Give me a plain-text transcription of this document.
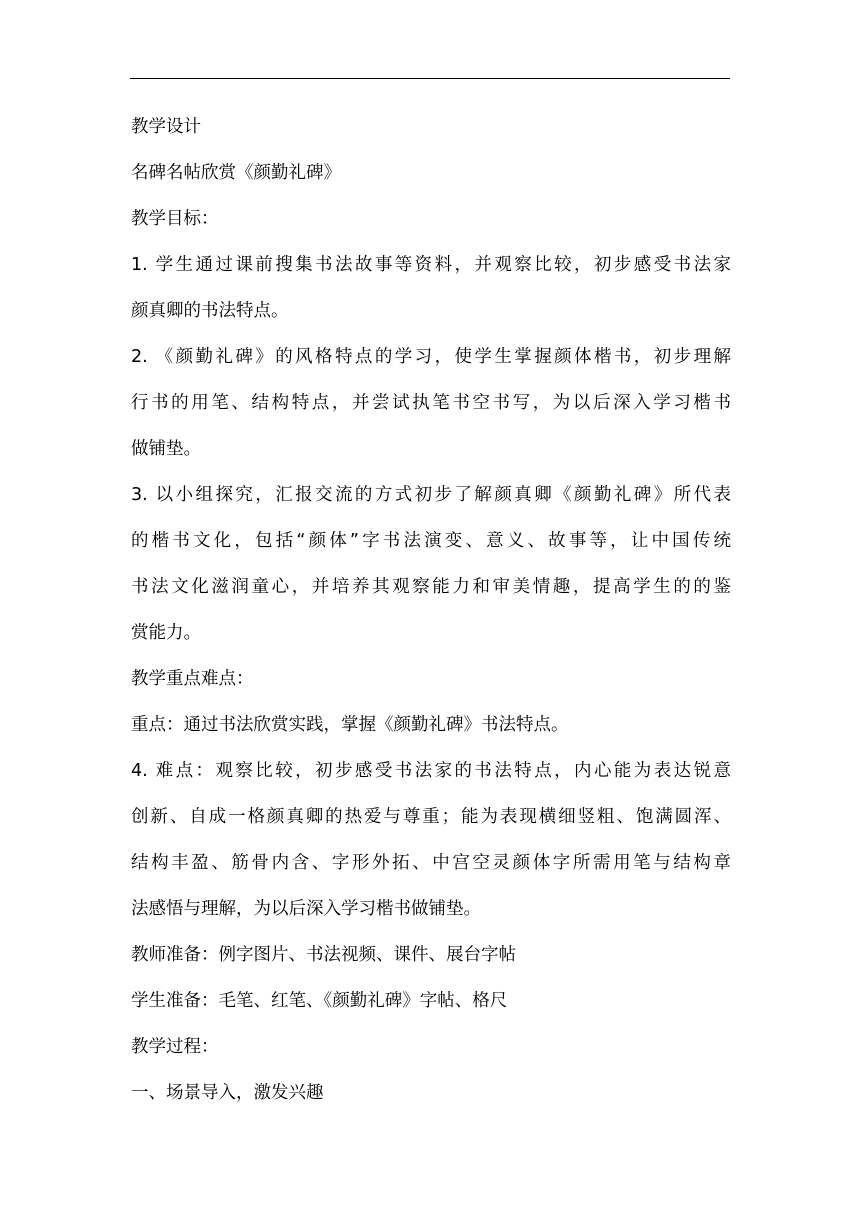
教学设计
名碑名帖欣赏《颜勤礼碑》
教学目标：
1. 学生通过课前搜集书法故事等资料，并观察比较，初步感受书法家
颜真卿的书法特点。
2. 《颜勤礼碑》的风格特点的学习，使学生掌握颜体楷书，初步理解
行书的用笔、结构特点，并尝试执笔书空书写，为以后深入学习楷书
做铺垫。
3. 以小组探究，汇报交流的方式初步了解颜真卿《颜勤礼碑》所代表
的楷书文化，包括“颜体”字书法演变、意义、故事等，让中国传统
书法文化滋润童心，并培养其观察能力和审美情趣，提高学生的的鉴
赏能力。
教学重点难点：
重点：通过书法欣赏实践，掌握《颜勤礼碑》书法特点。
4. 难点：观察比较，初步感受书法家的书法特点，内心能为表达锐意
创新、自成一格颜真卿的热爱与尊重；能为表现横细竖粗、饱满圆浑、
结构丰盈、筋骨内含、字形外拓、中宫空灵颜体字所需用笔与结构章
法感悟与理解，为以后深入学习楷书做铺垫。
教师准备：例字图片、书法视频、课件、展台字帖
学生准备：毛笔、红笔、《颜勤礼碑》字帖、格尺
教学过程：
一、场景导入，激发兴趣
